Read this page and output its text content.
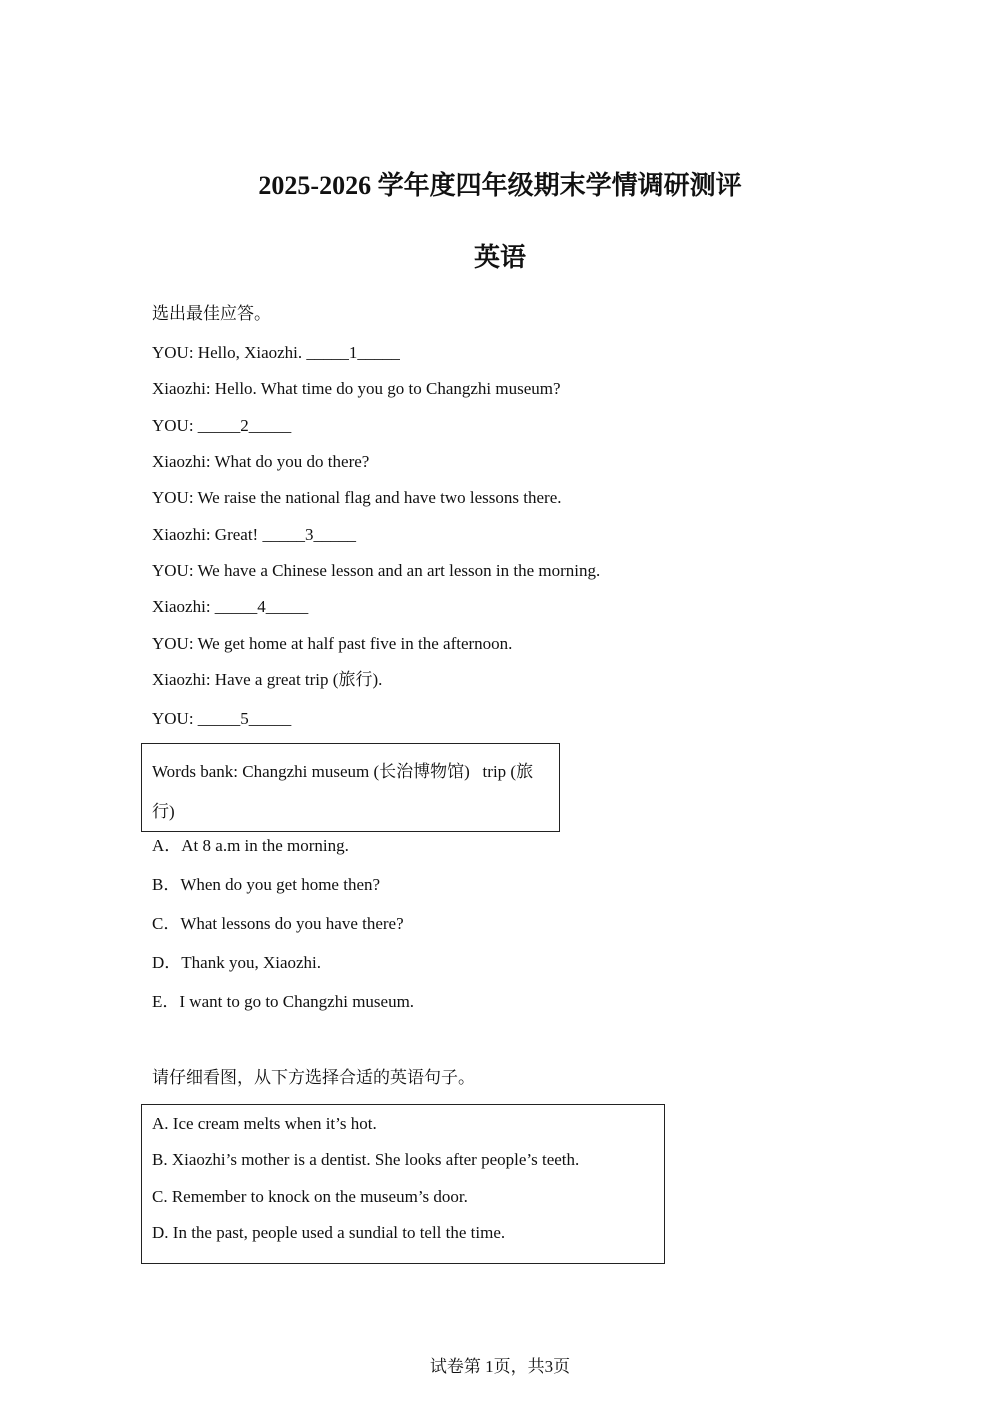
2025-2026 学年度四年级期末学情调研测评
英语
选出最佳应答。
YOU: Hello, Xiaozhi. _____1_____
Xiaozhi: Hello. What time do you go to Changzhi museum?
YOU: _____2_____
Xiaozhi: What do you do there?
YOU: We raise the national flag and have two lessons there.
Xiaozhi: Great! _____3_____
YOU: We have a Chinese lesson and an art lesson in the morning.
Xiaozhi: _____4_____
YOU: We get home at half past five in the afternoon.
Xiaozhi: Have a great trip (旅行).
YOU: _____5_____
Words bank: Changzhi museum (长治博物馆)   trip (旅行)
A．At 8 a.m in the morning.
B．When do you get home then?
C．What lessons do you have there?
D．Thank you, Xiaozhi.
E．I want to go to Changzhi museum.
请仔细看图，从下方选择合适的英语句子。
A. Ice cream melts when it’s hot.
B. Xiaozhi’s mother is a dentist. She looks after people’s teeth.
C. Remember to knock on the museum’s door.
D. In the past, people used a sundial to tell the time.
试卷第 1页，共3页
